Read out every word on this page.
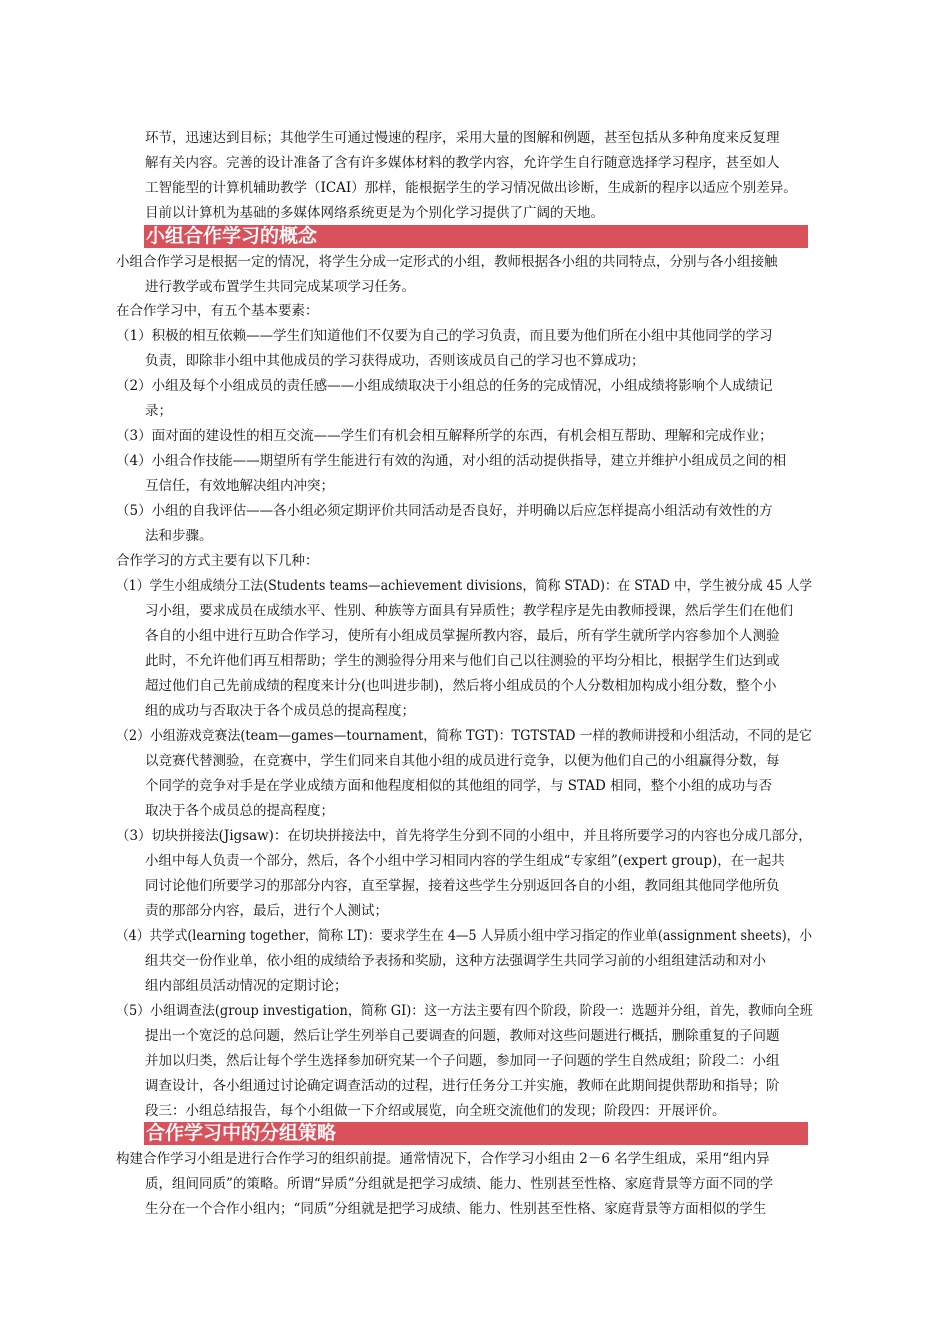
环节，迅速达到目标；其他学生可通过慢速的程序，采用大量的图解和例题，甚至包括从多种角度来反复理
解有关内容。完善的设计准备了含有许多媒体材料的教学内容，允许学生自行随意选择学习程序，甚至如人
工智能型的计算机辅助教学（ICAI）那样，能根据学生的学习情况做出诊断，生成新的程序以适应个别差异。
目前以计算机为基础的多媒体网络系统更是为个别化学习提供了广阔的天地。
小组合作学习的概念
小组合作学习是根据一定的情况，将学生分成一定形式的小组，教师根据各小组的共同特点，分别与各小组接触
进行教学或布置学生共同完成某项学习任务。
在合作学习中，有五个基本要素：
（1）积极的相互依赖——学生们知道他们不仅要为自己的学习负责，而且要为他们所在小组中其他同学的学习
负责，即除非小组中其他成员的学习获得成功，否则该成员自己的学习也不算成功；
（2）小组及每个小组成员的责任感——小组成绩取决于小组总的任务的完成情况，小组成绩将影响个人成绩记
录；
（3）面对面的建设性的相互交流——学生们有机会相互解释所学的东西，有机会相互帮助、理解和完成作业；
（4）小组合作技能——期望所有学生能进行有效的沟通，对小组的活动提供指导，建立并维护小组成员之间的相
互信任，有效地解决组内冲突；
（5）小组的自我评估——各小组必须定期评价共同活动是否良好，并明确以后应怎样提高小组活动有效性的方
法和步骤。
合作学习的方式主要有以下几种：
（1）学生小组成绩分工法(Students teams—achievement divisions，简称 STAD)：在 STAD 中，学生被分成 45 人学
习小组，要求成员在成绩水平、性别、种族等方面具有异质性；教学程序是先由教师授课，然后学生们在他们
各自的小组中进行互助合作学习，使所有小组成员掌握所教内容，最后，所有学生就所学内容参加个人测验
此时，不允许他们再互相帮助；学生的测验得分用来与他们自己以往测验的平均分相比，根据学生们达到或
超过他们自己先前成绩的程度来计分(也叫进步制)，然后将小组成员的个人分数相加构成小组分数，整个小
组的成功与否取决于各个成员总的提高程度；
（2）小组游戏竞赛法(team—games—tournament，简称 TGT)：TGTSTAD 一样的教师讲授和小组活动，不同的是它
以竞赛代替测验，在竞赛中，学生们同来自其他小组的成员进行竞争，以便为他们自己的小组赢得分数，每
个同学的竞争对手是在学业成绩方面和他程度相似的其他组的同学，与 STAD 相同，整个小组的成功与否
取决于各个成员总的提高程度；
（3）切块拼接法(Jigsaw)：在切块拼接法中，首先将学生分到不同的小组中，并且将所要学习的内容也分成几部分，
小组中每人负责一个部分，然后，各个小组中学习相同内容的学生组成“专家组”(expert group)，在一起共
同讨论他们所要学习的那部分内容，直至掌握，接着这些学生分别返回各自的小组，教同组其他同学他所负
责的那部分内容，最后，进行个人测试；
（4）共学式(learning together，简称 LT)：要求学生在 4—5 人异质小组中学习指定的作业单(assignment sheets)，小
组共交一份作业单，依小组的成绩给予表扬和奖励，这种方法强调学生共同学习前的小组组建活动和对小
组内部组员活动情况的定期讨论；
（5）小组调查法(group investigation，简称 GI)：这一方法主要有四个阶段，阶段一：选题并分组，首先，教师向全班
提出一个宽泛的总问题，然后让学生列举自己要调查的问题，教师对这些问题进行概括，删除重复的子问题
并加以归类，然后让每个学生选择参加研究某一个子问题，参加同一子问题的学生自然成组；阶段二：小组
调查设计，各小组通过讨论确定调查活动的过程，进行任务分工并实施，教师在此期间提供帮助和指导；阶
段三：小组总结报告，每个小组做一下介绍或展览，向全班交流他们的发现；阶段四：开展评价。
合作学习中的分组策略
构建合作学习小组是进行合作学习的组织前提。通常情况下，合作学习小组由 2－6 名学生组成，采用“组内异
质，组间同质”的策略。所谓“异质”分组就是把学习成绩、能力、性别甚至性格、家庭背景等方面不同的学
生分在一个合作小组内；“同质”分组就是把学习成绩、能力、性别甚至性格、家庭背景等方面相似的学生
